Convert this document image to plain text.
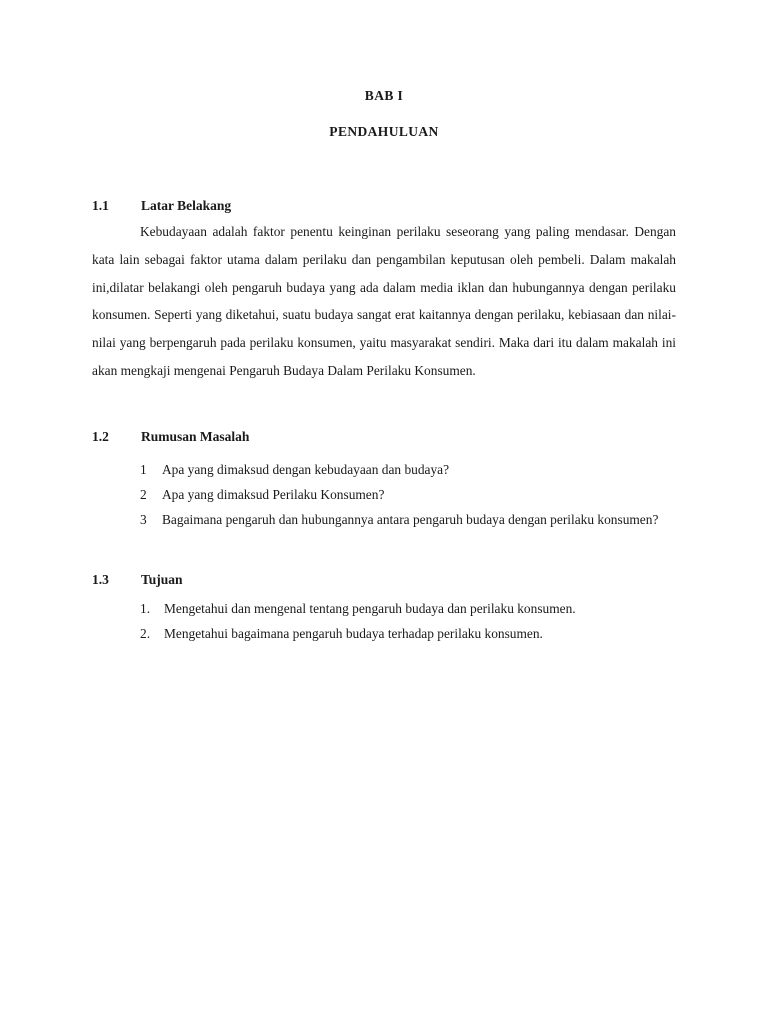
BAB I
PENDAHULUAN
1.1	Latar Belakang

Kebudayaan adalah faktor penentu keinginan perilaku seseorang yang paling mendasar. Dengan kata lain sebagai faktor utama dalam perilaku dan pengambilan keputusan oleh pembeli. Dalam makalah ini,dilatar belakangi oleh pengaruh budaya yang ada dalam media iklan dan hubungannya dengan perilaku konsumen. Seperti yang diketahui, suatu budaya sangat erat kaitannya dengan perilaku, kebiasaan dan nilai-nilai yang berpengaruh pada perilaku konsumen, yaitu masyarakat sendiri. Maka dari itu dalam makalah ini akan mengkaji mengenai Pengaruh Budaya Dalam Perilaku Konsumen.

1.2	Rumusan Masalah
1	Apa yang dimaksud dengan kebudayaan dan budaya?
2	Apa yang dimaksud Perilaku Konsumen?
3	Bagaimana pengaruh dan hubungannya antara pengaruh budaya dengan perilaku konsumen?
1.3	Tujuan
1.	Mengetahui dan mengenal tentang pengaruh budaya dan perilaku konsumen.
2.	Mengetahui bagaimana pengaruh budaya terhadap perilaku konsumen.
